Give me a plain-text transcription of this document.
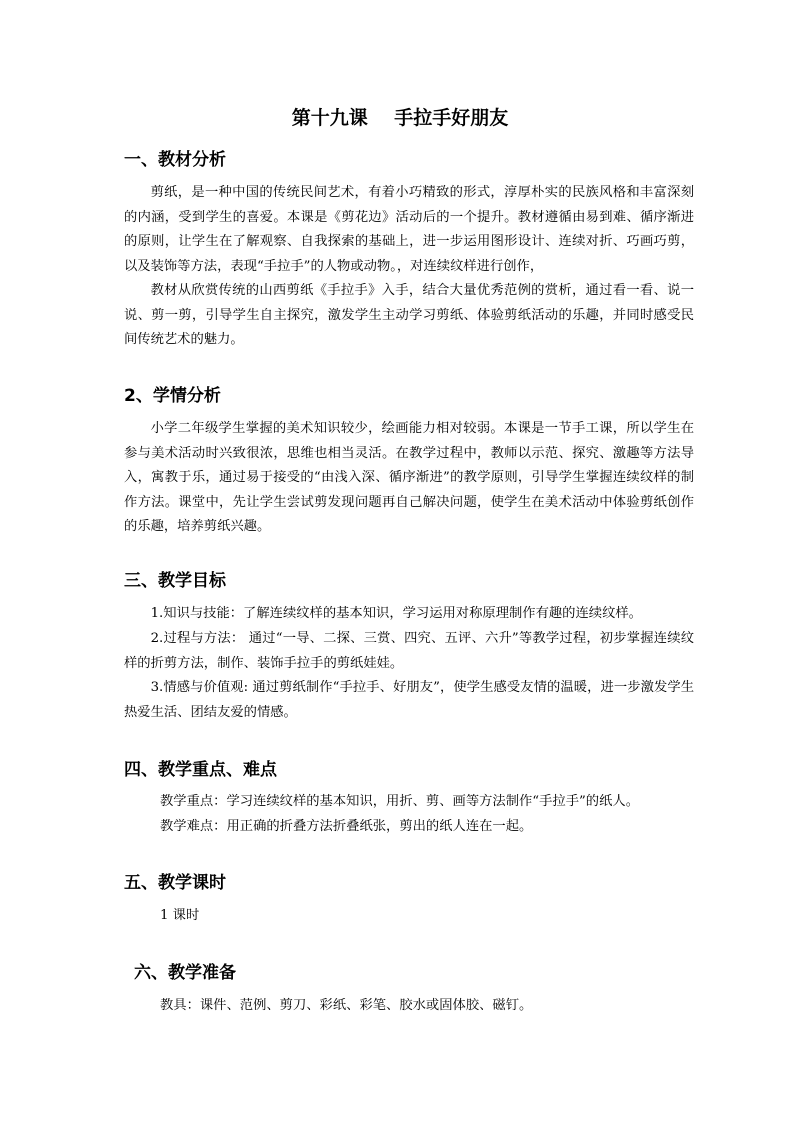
第十九课    手拉手好朋友
一、教材分析
剪纸，是一种中国的传统民间艺术，有着小巧精致的形式，淳厚朴实的民族风格和丰富深刻的内涵，受到学生的喜爱。本课是《剪花边》活动后的一个提升。教材遵循由易到难、循序渐进的原则，让学生在了解观察、自我探索的基础上，进一步运用图形设计、连续对折、巧画巧剪，以及装饰等方法，表现“手拉手”的人物或动物。，对连续纹样进行创作，
教材从欣赏传统的山西剪纸《手拉手》入手，结合大量优秀范例的赏析，通过看一看、说一说、剪一剪，引导学生自主探究，激发学生主动学习剪纸、体验剪纸活动的乐趣，并同时感受民间传统艺术的魅力。
2、学情分析
小学二年级学生掌握的美术知识较少，绘画能力相对较弱。本课是一节手工课，所以学生在参与美术活动时兴致很浓，思维也相当灵活。在教学过程中，教师以示范、探究、激趣等方法导入，寓教于乐，通过易于接受的“由浅入深、循序渐进”的教学原则，引导学生掌握连续纹样的制作方法。课堂中，先让学生尝试剪发现问题再自己解决问题，使学生在美术活动中体验剪纸创作的乐趣，培养剪纸兴趣。
三、教学目标
1.知识与技能：了解连续纹样的基本知识，学习运用对称原理制作有趣的连续纹样。
2.过程与方法： 通过“一导、二探、三赏、四究、五评、六升”等教学过程，初步掌握连续纹样的折剪方法，制作、装饰手拉手的剪纸娃娃。
3.情感与价值观: 通过剪纸制作“手拉手、好朋友”，使学生感受友情的温暖，进一步激发学生热爱生活、团结友爱的情感。
四、教学重点、难点
教学重点：学习连续纹样的基本知识，用折、剪、画等方法制作“手拉手”的纸人。
教学难点：用正确的折叠方法折叠纸张，剪出的纸人连在一起。
五、教学课时
1 课时
六、教学准备
教具：课件、范例、剪刀、彩纸、彩笔、胶水或固体胶、磁钉。
